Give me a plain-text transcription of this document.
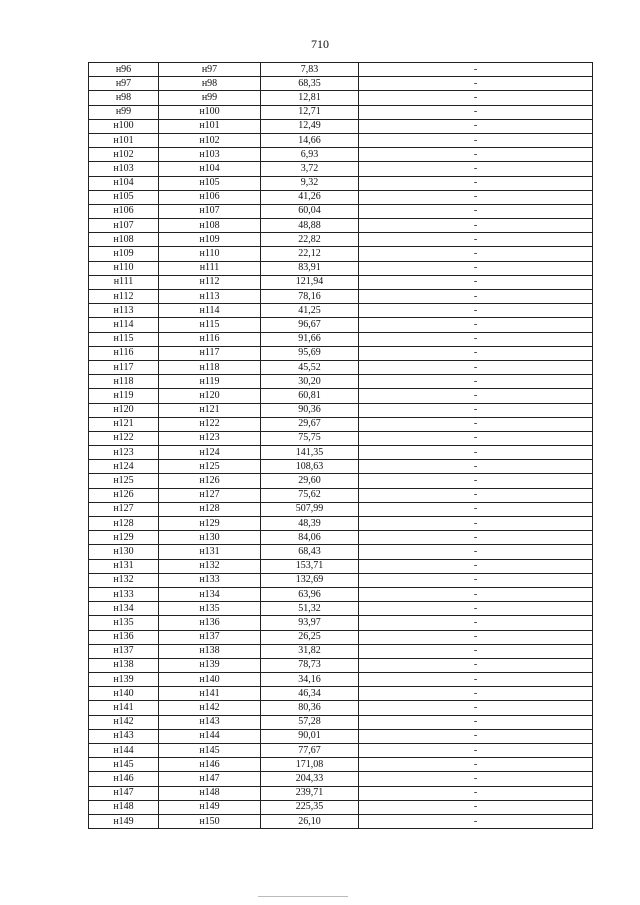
710
н96	н97	7,83	-
н97	н98	68,35	-
н98	н99	12,81	-
н99	н100	12,71	-
н100	н101	12,49	-
н101	н102	14,66	-
н102	н103	6,93	-
н103	н104	3,72	-
н104	н105	9,32	-
н105	н106	41,26	-
н106	н107	60,04	-
н107	н108	48,88	-
н108	н109	22,82	-
н109	н110	22,12	-
н110	н111	83,91	-
н111	н112	121,94	-
н112	н113	78,16	-
н113	н114	41,25	-
н114	н115	96,67	-
н115	н116	91,66	-
н116	н117	95,69	-
н117	н118	45,52	-
н118	н119	30,20	-
н119	н120	60,81	-
н120	н121	90,36	-
н121	н122	29,67	-
н122	н123	75,75	-
н123	н124	141,35	-
н124	н125	108,63	-
н125	н126	29,60	-
н126	н127	75,62	-
н127	н128	507,99	-
н128	н129	48,39	-
н129	н130	84,06	-
н130	н131	68,43	-
н131	н132	153,71	-
н132	н133	132,69	-
н133	н134	63,96	-
н134	н135	51,32	-
н135	н136	93,97	-
н136	н137	26,25	-
н137	н138	31,82	-
н138	н139	78,73	-
н139	н140	34,16	-
н140	н141	46,34	-
н141	н142	80,36	-
н142	н143	57,28	-
н143	н144	90,01	-
н144	н145	77,67	-
н145	н146	171,08	-
н146	н147	204,33	-
н147	н148	239,71	-
н148	н149	225,35	-
н149	н150	26,10	-
